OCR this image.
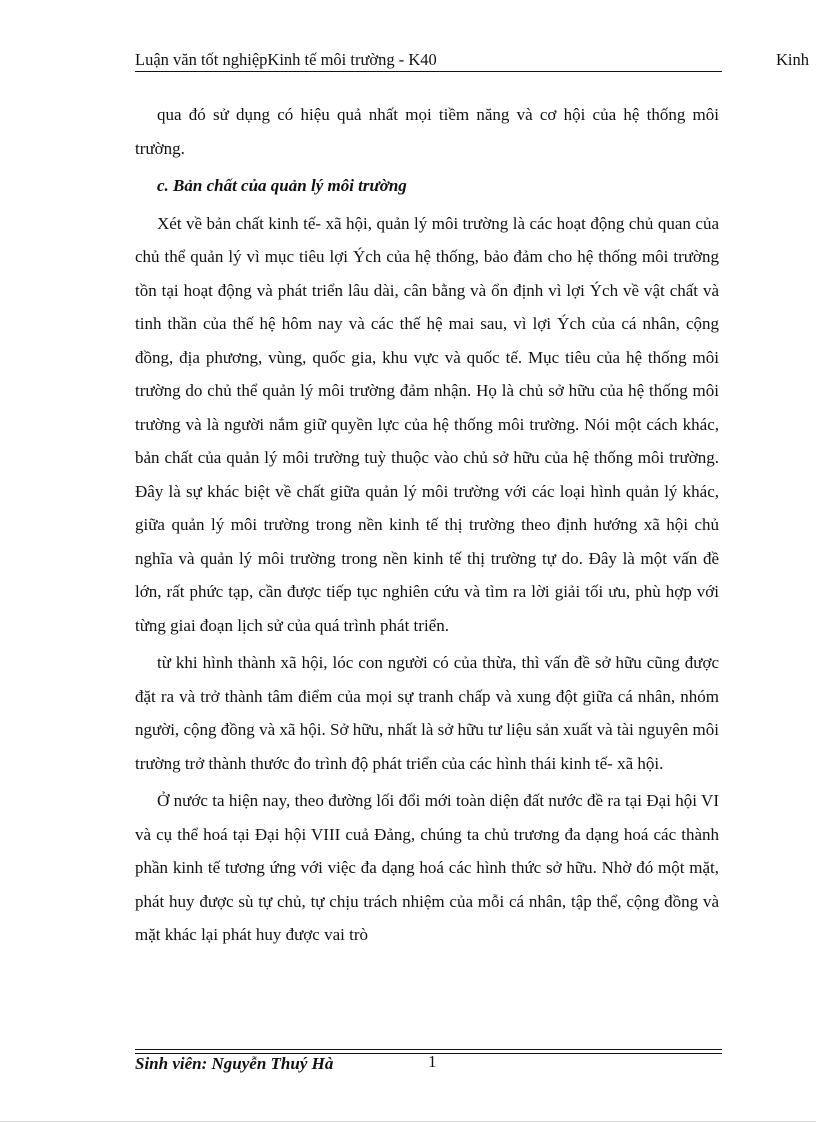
Luận văn tốt nghiệpKinh tế môi trường - K40	Kinh

qua đó sử dụng có hiệu quả nhất mọi tiềm năng và cơ hội của hệ thống môi trường.

c. Bản chất của quản lý môi trường

Xét về bản chất kinh tế- xã hội, quản lý môi trường là các hoạt động chủ quan của chủ thể quản lý vì mục tiêu lợi Ých của hệ thống, bảo đảm cho hệ thống môi trường tồn tại hoạt động và phát triển lâu dài, cân bằng và ổn định vì lợi Ých về vật chất và tinh thần của thế hệ hôm nay và các thế hệ mai sau, vì lợi Ých của cá nhân, cộng đồng, địa phương, vùng, quốc gia, khu vực và quốc tế. Mục tiêu của hệ thống môi trường do chủ thể quản lý môi trường đảm nhận. Họ là chủ sở hữu của hệ thống môi trường và là người nắm giữ quyền lực của hệ thống môi trường. Nói một cách khác, bản chất của quản lý môi trường tuỳ thuộc vào chủ sở hữu của hệ thống môi trường. Đây là sự khác biệt về chất giữa quản lý môi trường với các loại hình quản lý khác, giữa quản lý môi trường trong nền kinh tế thị trường theo định hướng xã hội chủ nghĩa và quản lý môi trường trong nền kinh tế thị trường tự do. Đây là một vấn đề lớn, rất phức tạp, cần được tiếp tục nghiên cứu và tìm ra lời giải tối ưu, phù hợp với từng giai đoạn lịch sử của quá trình phát triển.

từ khi hình thành xã hội, lóc con người có của thừa, thì vấn đề sở hữu cũng được đặt ra và trở thành tâm điểm của mọi sự tranh chấp và xung đột giữa cá nhân, nhóm người, cộng đồng và xã hội. Sở hữu, nhất là sở hữu tư liệu sản xuất và tài nguyên môi trường trở thành thước đo trình độ phát triển của các hình thái kinh tế- xã hội.

Ở nước ta hiện nay, theo đường lối đổi mới toàn diện đất nước đề ra tại Đại hội VI và cụ thể hoá tại Đại hội VIII cuả Đảng, chúng ta chủ trương đa dạng hoá các thành phần kinh tế tương ứng với việc đa dạng hoá các hình thức sở hữu. Nhờ đó một mặt, phát huy được sù tự chủ, tự chịu trách nhiệm của mỗi cá nhân, tập thể, cộng đồng và mặt khác lại phát huy được vai trò

Sinh viên: Nguyễn Thuý Hà	1
